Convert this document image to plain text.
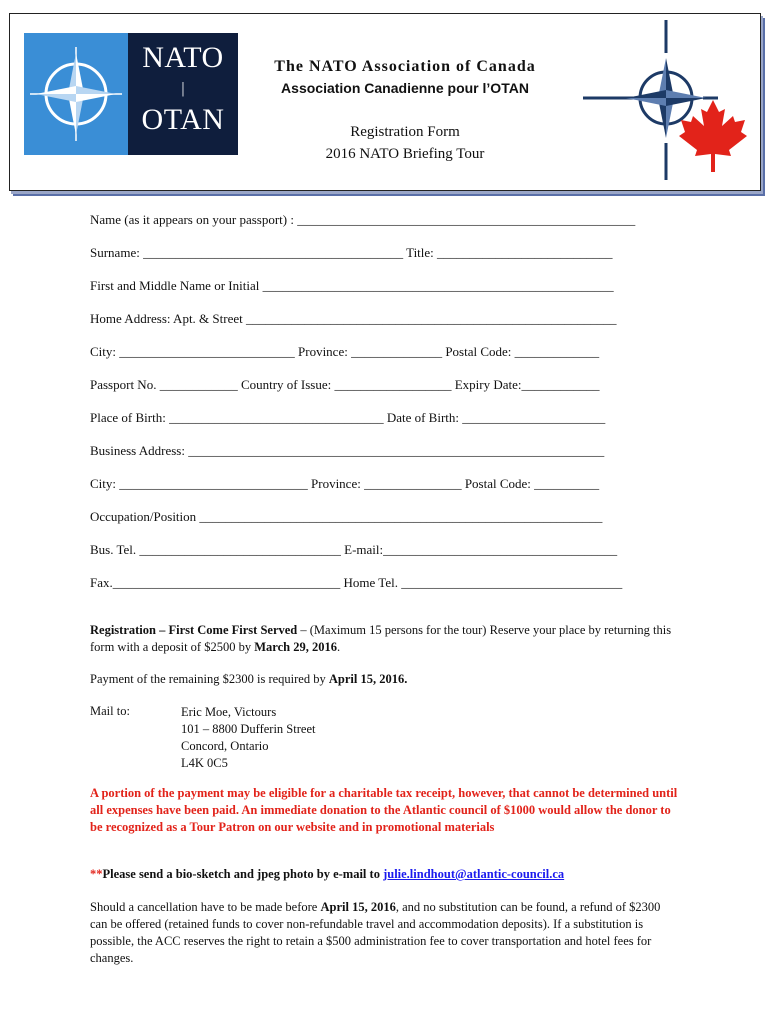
NATO
|
OTAN
The NATO Association of Canada
Association Canadienne pour l’OTAN
Registration Form
2016 NATO Briefing Tour
Name (as it appears on your passport) : ____________________________________________________
Surname: ________________________________________ Title: ___________________________
First and Middle Name or Initial ______________________________________________________
Home Address: Apt. & Street _________________________________________________________
City: ___________________________ Province: ______________ Postal Code: _____________
Passport No. ____________ Country of Issue: __________________ Expiry Date:____________
Place of Birth: _________________________________ Date of Birth: ______________________
Business Address: ________________________________________________________________
City: _____________________________ Province: _______________ Postal Code: __________
Occupation/Position ______________________________________________________________
Bus. Tel. _______________________________ E-mail:____________________________________
Fax.___________________________________ Home Tel. __________________________________
Registration – First Come First Served – (Maximum 15 persons for the tour) Reserve your place by returning this form with a deposit of $2500 by March 29, 2016.
Payment of the remaining $2300 is required by April 15, 2016.
Mail to:	Eric Moe, Victours
101 – 8800 Dufferin Street
Concord, Ontario
L4K 0C5
A portion of the payment may be eligible for a charitable tax receipt, however, that cannot be determined until all expenses have been paid. An immediate donation to the Atlantic council of $1000 would allow the donor to be recognized as a Tour Patron on our website and in promotional materials
**Please send a bio-sketch and jpeg photo by e-mail to julie.lindhout@atlantic-council.ca
Should a cancellation have to be made before April 15, 2016, and no substitution can be found, a refund of $2300 can be offered (retained funds to cover non-refundable travel and accommodation deposits). If a substitution is possible, the ACC reserves the right to retain a $500 administration fee to cover transportation and hotel fees for changes.
